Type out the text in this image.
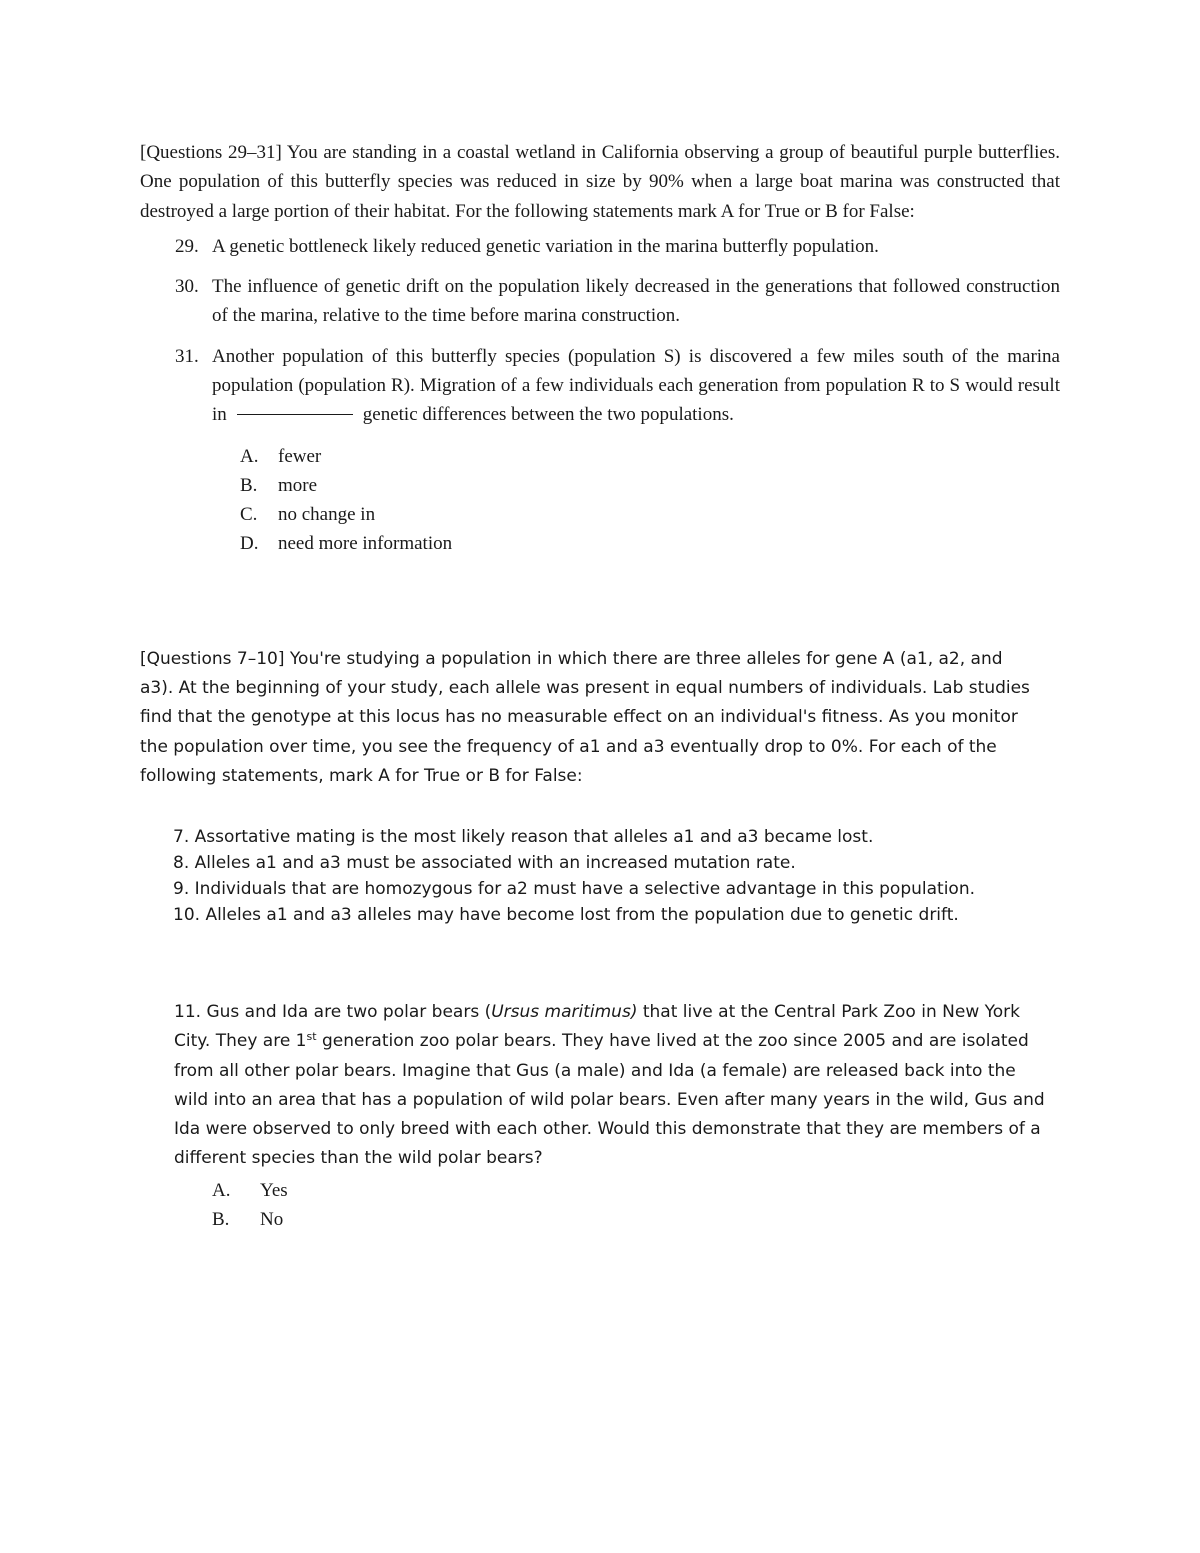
[Questions 29–31] You are standing in a coastal wetland in California observing a group of beautiful purple butterflies. One population of this butterfly species was reduced in size by 90% when a large boat marina was constructed that destroyed a large portion of their habitat. For the following statements mark A for True or B for False:

29. A genetic bottleneck likely reduced genetic variation in the marina butterfly population.
30. The influence of genetic drift on the population likely decreased in the generations that followed construction of the marina, relative to the time before marina construction.
31. Another population of this butterfly species (population S) is discovered a few miles south of the marina population (population R). Migration of a few individuals each generation from population R to S would result in	genetic differences between the two populations.
A.	fewer
B.	more
C.	no change in
D.	need more information

[Questions 7–10] You're studying a population in which there are three alleles for gene A (a1, a2, and a3). At the beginning of your study, each allele was present in equal numbers of individuals. Lab studies find that the genotype at this locus has no measurable effect on an individual's fitness. As you monitor the population over time, you see the frequency of a1 and a3 eventually drop to 0%. For each of the following statements, mark A for True or B for False:

7. Assortative mating is the most likely reason that alleles a1 and a3 became lost.
8. Alleles a1 and a3 must be associated with an increased mutation rate.
9. Individuals that are homozygous for a2 must have a selective advantage in this population.
10. Alleles a1 and a3 alleles may have become lost from the population due to genetic drift.

11. Gus and Ida are two polar bears (Ursus maritimus) that live at the Central Park Zoo in New York City. They are 1st generation zoo polar bears. They have lived at the zoo since 2005 and are isolated from all other polar bears. Imagine that Gus (a male) and Ida (a female) are released back into the wild into an area that has a population of wild polar bears. Even after many years in the wild, Gus and Ida were observed to only breed with each other. Would this demonstrate that they are members of a different species than the wild polar bears?

A.	Yes
B.	No
